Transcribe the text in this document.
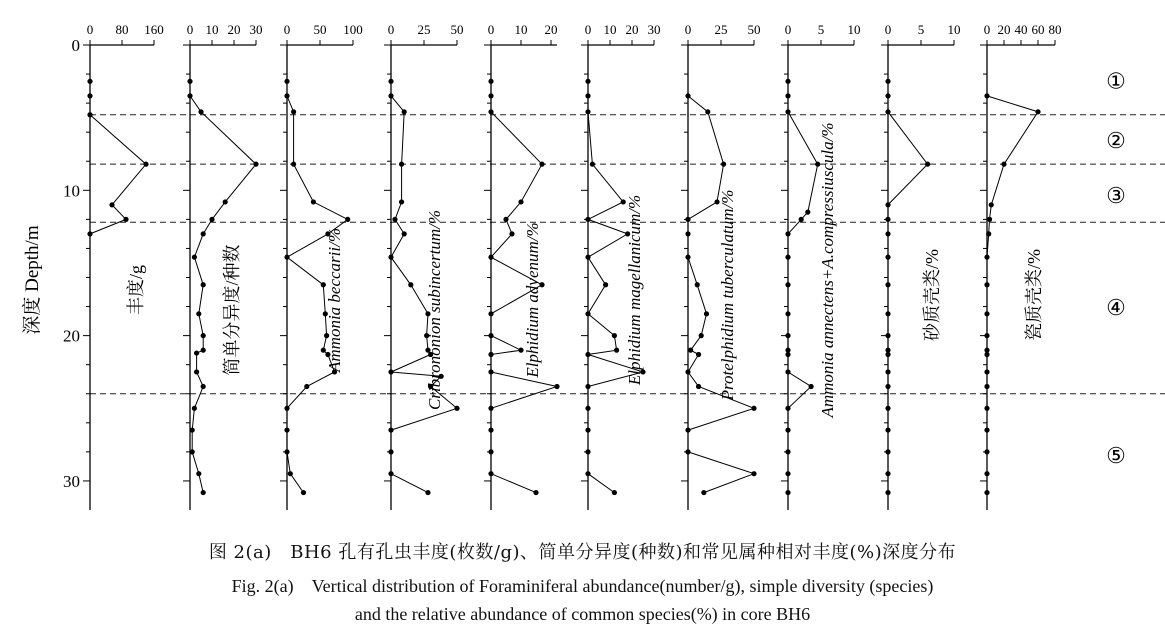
0 80 160
丰度/g
0 10 20 30
简单分异度/种数
0 50 100
Ammonia beccarii/%
0 25 50
Cribrononion subincertum/%
0 10 20
Elphidium advenum/%
0 10 20 30
Elphidium magellanicum/%
0 25 50
Protelphidium tuberculatum/%
0 5 10
Ammonia annectens+A.compressiuscula/%
0 5 10
砂质壳类/%
0 20 40 60 80
瓷质壳类/%
深度 Depth/m
0
10
20
30
①
②
③
④
⑤
图 2(a)　BH6 孔有孔虫丰度(枚数/g)、简单分异度(种数)和常见属种相对丰度(%)深度分布
Fig. 2(a)　Vertical distribution of Foraminiferal abundance(number/g), simple diversity (species)
and the relative abundance of common species(%) in core BH6
